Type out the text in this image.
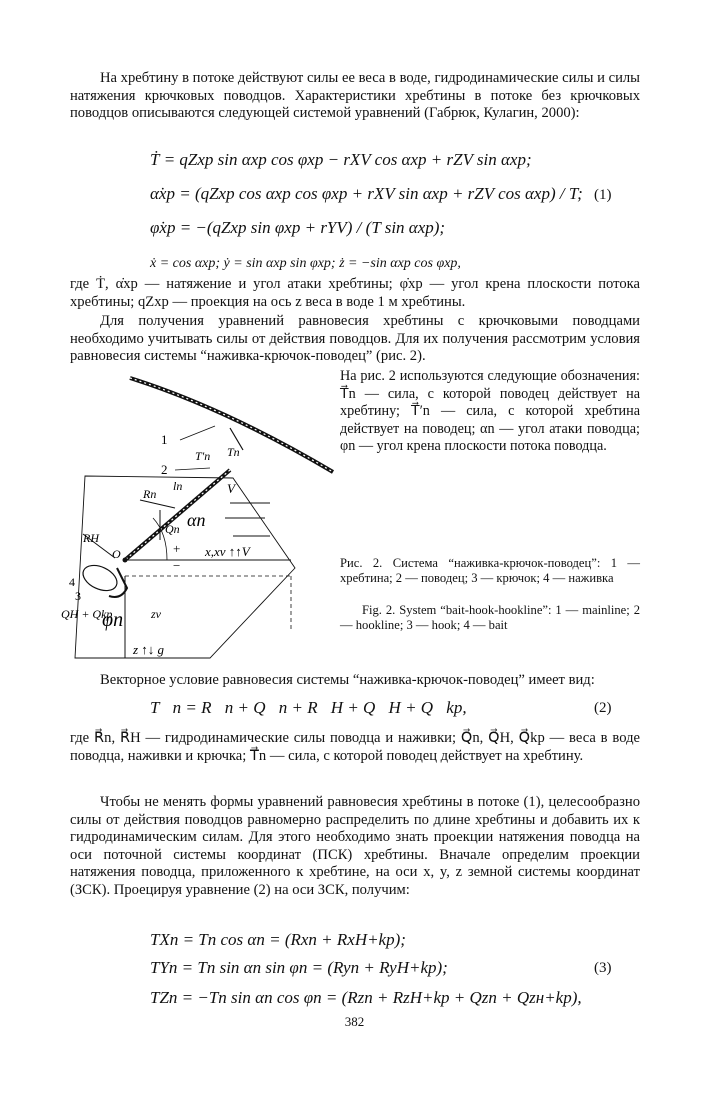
На хребтину в потоке действуют силы ее веса в воде, гидродинамические силы и силы натяжения крючковых поводцов. Характеристики хребтины в потоке без крючковых поводцов описываются следующей системой уравнений (Габрюк, Кулагин, 2000):

Ṫ = qZxp sin αxp cos φxp − rXV cos αxp + rZV sin αxp;

α̇xp = (qZxp cos αxp cos φxp + rXV sin αxp + rZV cos αxp) / T; (1)

φ̇xp = −(qZxp sin φxp + rYV) / (T sin αxp);

ẋ = cos αxp; ẏ = sin αxp sin φxp; ż = −sin αxp cos φxp,

где Ṫ, α̇xp — натяжение и угол атаки хребтины; φ̇xp — угол крена плоскости потока хребтины; qZxp — проекция на ось z веса в воде 1 м хребтины.

Для получения уравнений равновесия хребтины с крючковыми поводцами необходимо учитывать силы от действия поводцов. Для их получения рассмотрим условия равновесия системы “наживка-крючок-поводец” (рис. 2).

1
2
Tn
T′n
ln
Rn
Qn
V
αn
+
−
x,xv ↑↑V
O
RH
4
3
QH + Qkp
φn zv
z ↑↓ g

На рис. 2 используются следующие обозначения: T⃗n — сила, с которой поводец действует на хребтину; T⃗′n — сила, с которой хребтина действует на поводец; αn — угол атаки поводца; φn — угол крена плоскости потока поводца.

Рис. 2. Система “наживка-крючок-поводец”: 1 — хребтина; 2 — поводец; 3 — крючок; 4 — наживка

Fig. 2. System “bait-hook-hookline”: 1 — mainline; 2 — hookline; 3 — hook; 4 — bait

Векторное условие равновесия системы “наживка-крючок-поводец” имеет вид:

T⃗n = R⃗n + Q⃗n + R⃗H + Q⃗H + Q⃗kp,	(2)

где R⃗n, R⃗H — гидродинамические силы поводца и наживки; Q⃗n, Q⃗H, Q⃗kp — веса в воде поводца, наживки и крючка; T⃗n — сила, с которой поводец действует на хребтину.

Чтобы не менять формы уравнений равновесия хребтины в потоке (1), целесообразно силы от действия поводцов равномерно распределить по длине хребтины и добавить их к гидродинамическим силам. Для этого необходимо знать проекции натяжения поводца на оси поточной системы координат (ПСК) хребтины. Вначале определим проекции натяжения поводца, приложенного к хребтине, на оси x, y, z земной системы координат (ЗСК). Проецируя уравнение (2) на оси ЗСК, получим:

TXn = Tn cos αn = (Rxn + RxH+kp);

TYn = Tn sin αn sin φn = (Ryn + RyH+kp);	(3)

TZn = −Tn sin αn cos φn = (Rzn + RzH+kp + Qzn + Qzн+kp),

382
